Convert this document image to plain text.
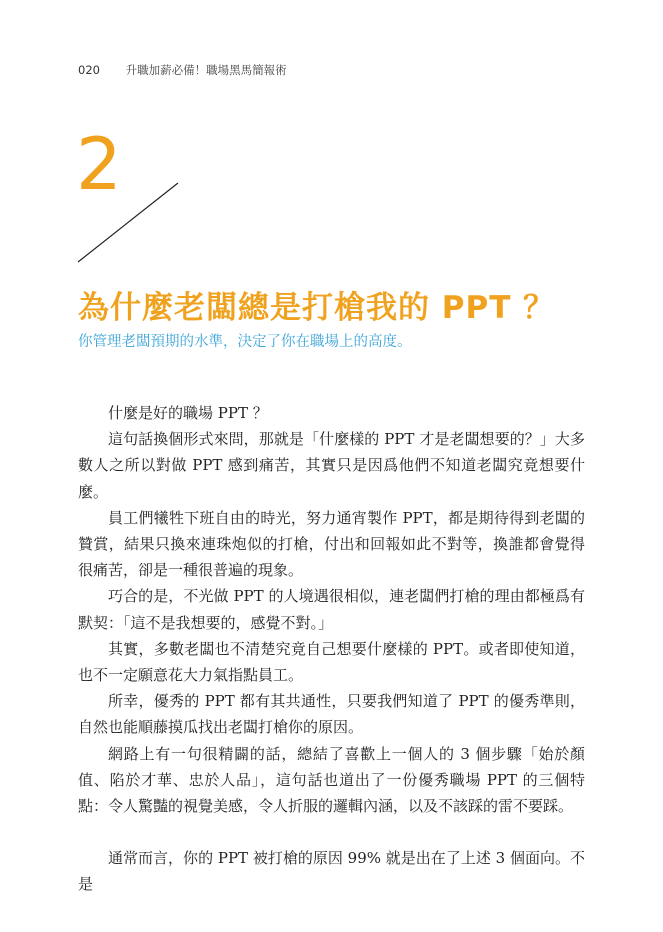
020 升職加薪必備！職場黑馬簡報術
2
為什麼老闆總是打槍我的 PPT ？
你管理老闆預期的水準，決定了你在職場上的高度。

什麼是好的職場 PPT ？

這句話換個形式來問，那就是「什麼樣的 PPT 才是老闆想要的？」大多數人之所以對做 PPT 感到痛苦，其實只是因爲他們不知道老闆究竟想要什麼。

員工們犧牲下班自由的時光，努力通宵製作 PPT，都是期待得到老闆的贊賞，結果只換來連珠炮似的打槍，付出和回報如此不對等，換誰都會覺得很痛苦，卻是一種很普遍的現象。

巧合的是，不光做 PPT 的人境遇很相似，連老闆們打槍的理由都極爲有默契：「這不是我想要的，感覺不對。」

其實，多數老闆也不清楚究竟自己想要什麼樣的 PPT。或者即使知道，也不一定願意花大力氣指點員工。

所幸，優秀的 PPT 都有其共通性，只要我們知道了 PPT 的優秀準則，自然也能順藤摸瓜找出老闆打槍你的原因。

網路上有一句很精闢的話，總結了喜歡上一個人的 3 個步驟「始於顏值、陷於才華、忠於人品」，這句話也道出了一份優秀職場 PPT 的三個特點：令人驚豔的視覺美感，令人折服的邏輯內涵，以及不該踩的雷不要踩。

通常而言，你的 PPT 被打槍的原因 99% 就是出在了上述 3 個面向。不是
